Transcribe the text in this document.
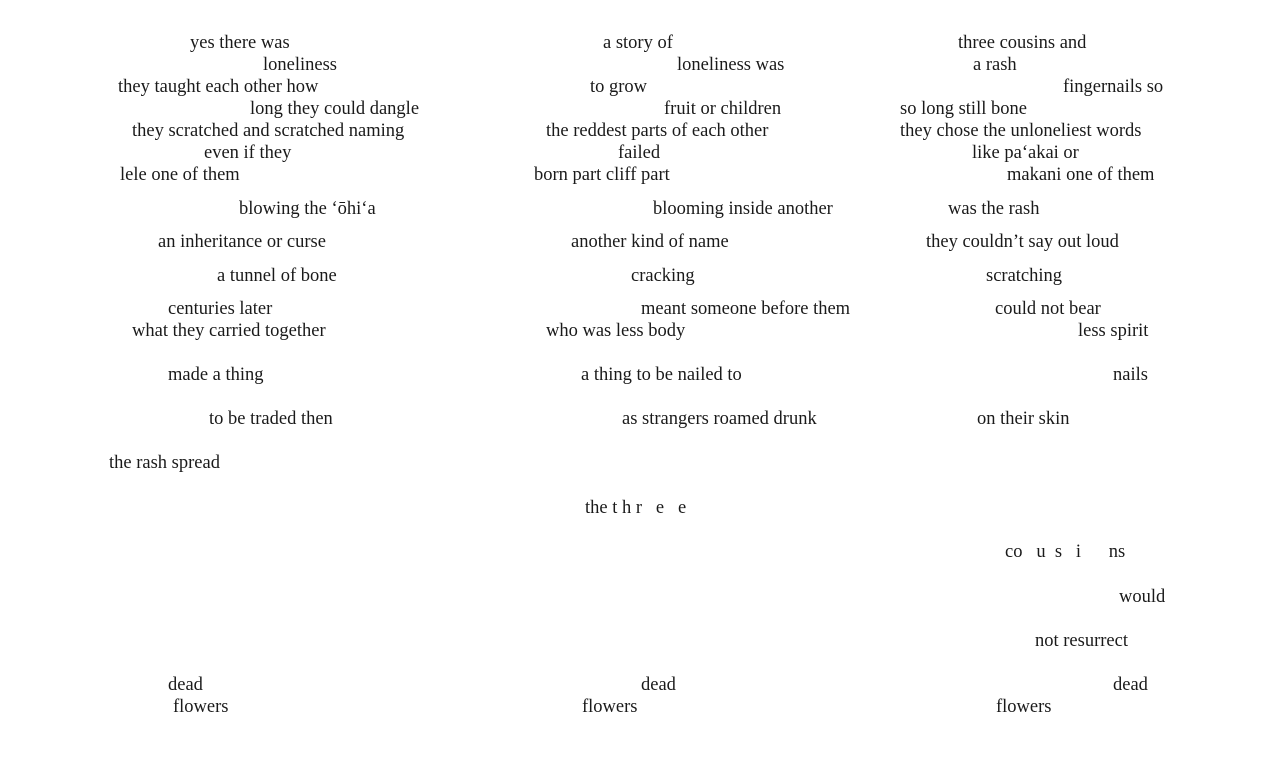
yes there was
loneliness
they taught each other how
long they could dangle
they scratched and scratched naming
even if they
lele one of them
blowing the ʻōhiʻa
an inheritance or curse
a tunnel of bone
centuries later
what they carried together
made a thing
to be traded then
the rash spread
dead
flowers
a story of
loneliness was
to grow
fruit or children
the reddest parts of each other
failed
born part cliff part
blooming inside another
another kind of name
cracking
meant someone before them
who was less body
a thing to be nailed to
as strangers roamed drunk
the t h r   e   e
dead
flowers
three cousins and
a rash
fingernails so
so long still bone
they chose the unloneliest words
like paʻakai or
makani one of them
was the rash
they couldn’t say out loud
scratching
could not bear
less spirit
nails
on their skin
co   u  s   i      ns
would
not resurrect
dead
flowers
